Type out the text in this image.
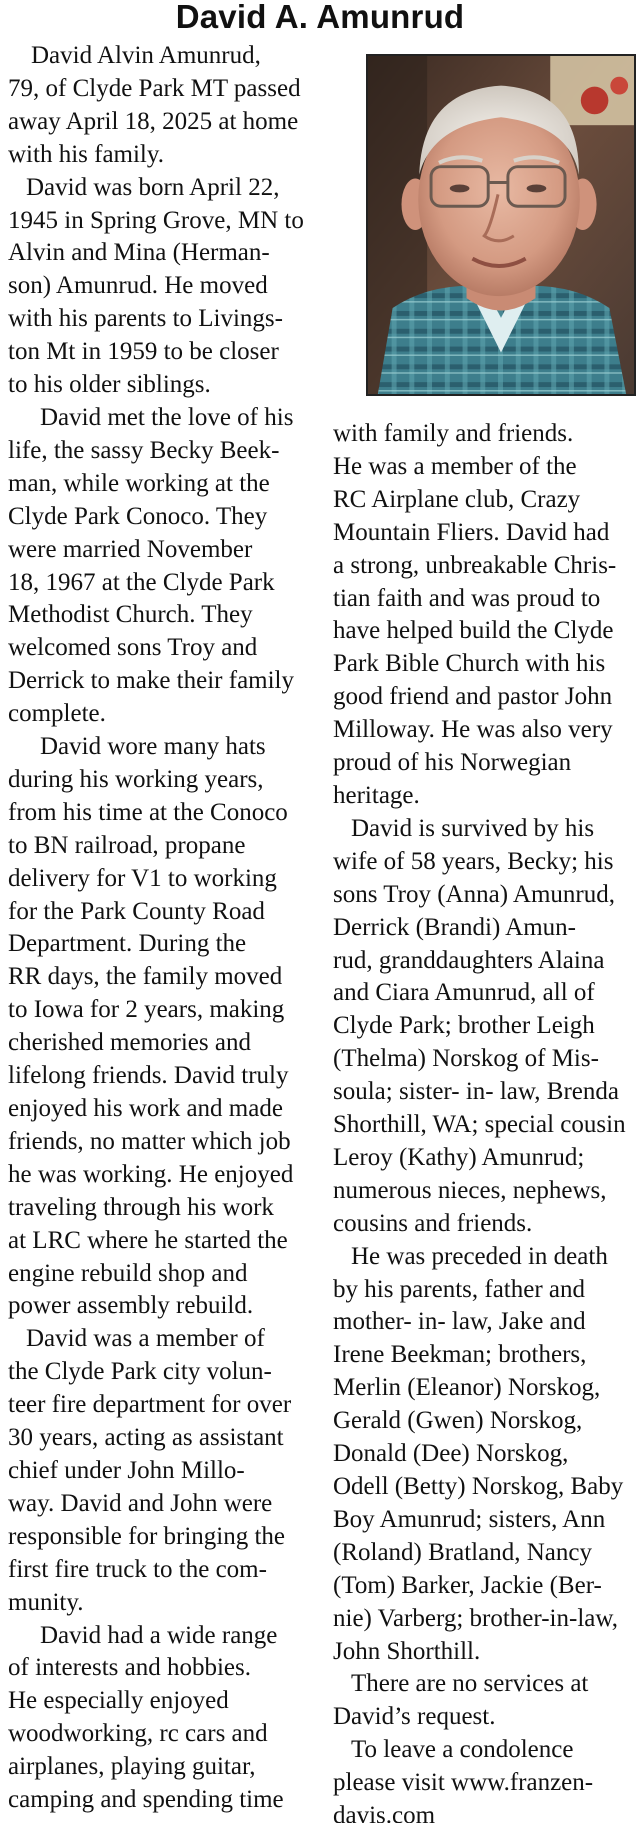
David A. Amunrud

David Alvin Amunrud,

79, of Clyde Park MT passed

away April 18, 2025 at home

with his family.

David was born April 22,

1945 in Spring Grove, MN to

Alvin and Mina (Herman-

son) Amunrud. He moved

with his parents to Livings-

ton Mt in 1959 to be closer

to his older siblings.

David met the love of his

life, the sassy Becky Beek-

man, while working at the

Clyde Park Conoco. They

were married November

18, 1967 at the Clyde Park

Methodist Church. They

welcomed sons Troy and

Derrick to make their family

complete.

David wore many hats

during his working years,

from his time at the Conoco

to BN railroad, propane

delivery for V1 to working

for the Park County Road

Department. During the

RR days, the family moved

to Iowa for 2 years, making

cherished memories and

lifelong friends. David truly

enjoyed his work and made

friends, no matter which job

he was working. He enjoyed

traveling through his work

at LRC where he started the

engine rebuild shop and

power assembly rebuild.

David was a member of

the Clyde Park city volun-

teer fire department for over

30 years, acting as assistant

chief under John Millo-

way. David and John were

responsible for bringing the

first fire truck to the com-

munity.

David had a wide range

of interests and hobbies.

He especially enjoyed

woodworking, rc cars and

airplanes, playing guitar,

camping and spending time

with family and friends.

He was a member of the

RC Airplane club, Crazy

Mountain Fliers. David had

a strong, unbreakable Chris-

tian faith and was proud to

have helped build the Clyde

Park Bible Church with his

good friend and pastor John

Milloway. He was also very

proud of his Norwegian

heritage.

David is survived by his

wife of 58 years, Becky; his

sons Troy (Anna) Amunrud,

Derrick (Brandi) Amun-

rud, granddaughters Alaina

and Ciara Amunrud, all of

Clyde Park; brother Leigh

(Thelma) Norskog of Mis-

soula; sister- in- law, Brenda

Shorthill, WA; special cousin

Leroy (Kathy) Amunrud;

numerous nieces, nephews,

cousins and friends.

He was preceded in death

by his parents, father and

mother- in- law, Jake and

Irene Beekman; brothers,

Merlin (Eleanor) Norskog,

Gerald (Gwen) Norskog,

Donald (Dee) Norskog,

Odell (Betty) Norskog, Baby

Boy Amunrud; sisters, Ann

(Roland) Bratland, Nancy

(Tom) Barker, Jackie (Ber-

nie) Varberg; brother-in-law,

John Shorthill.

There are no services at

David’s request.

To leave a condolence

please visit www.franzen-

davis.com
